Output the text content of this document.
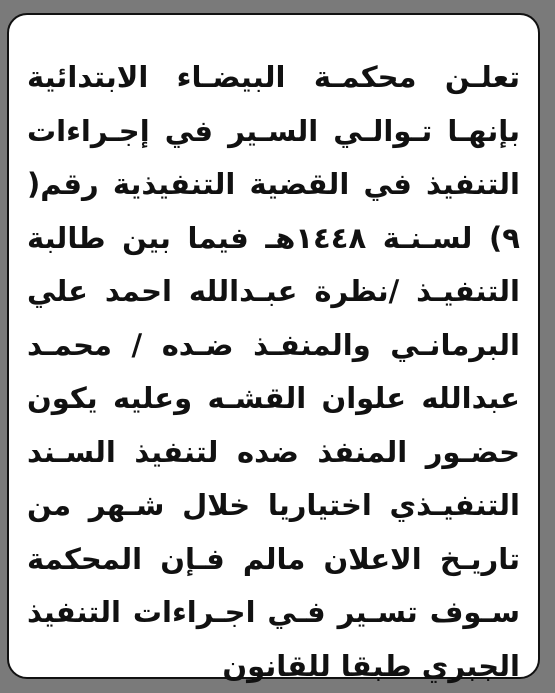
تعلـن محكمـة البيضـاء الابتدائية
بإنهـا تـوالـي السـير في إجـراءات
التنفيذ في القضية التنفيذية رقم(
٩) لسـنـة ١٤٤٨هـ فيما بين طالبة
التنفيـذ /نظرة عبـدالله احمد علي
البرمانـي والمنفـذ ضـده / محمـد
عبدالله علوان القشـه وعليه يكون
حضـور المنفذ ضده لتنفيذ السـند
التنفيـذي اختياريا خلال شـهر من
تاريـخ الاعلان مالم فـإن المحكمة
سـوف تسـير فـي اجـراءات التنفيذ
الجبري طبقا للقانون
